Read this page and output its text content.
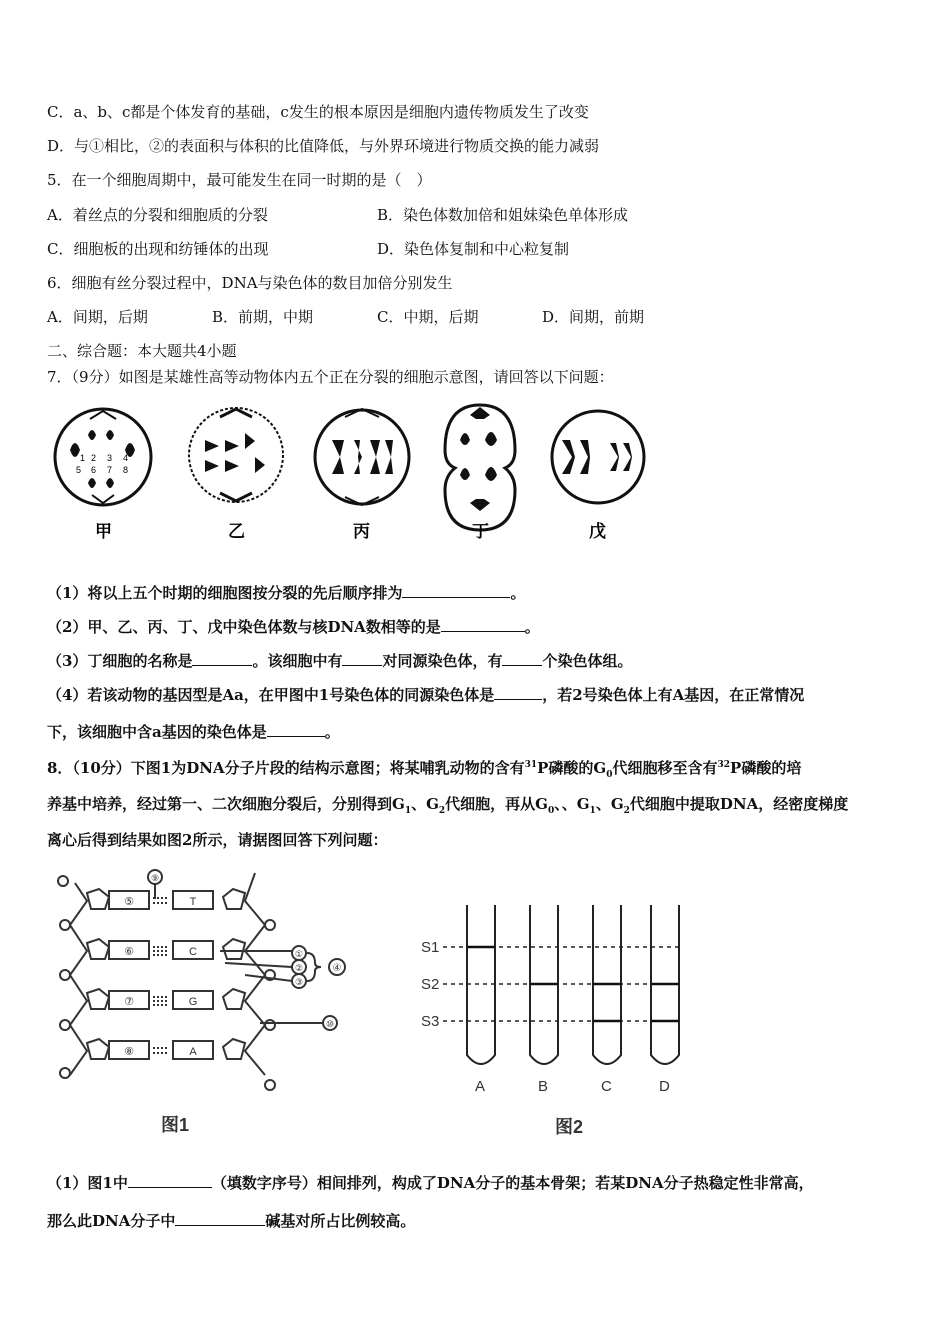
C．a、b、c都是个体发育的基础，c发生的根本原因是细胞内遗传物质发生了改变
D．与①相比，②的表面积与体积的比值降低，与外界环境进行物质交换的能力减弱
5．在一个细胞周期中，最可能发生在同一时期的是（　）
A．着丝点的分裂和细胞质的分裂	B．染色体数加倍和姐妹染色单体形成
C．细胞板的出现和纺锤体的出现	D．染色体复制和中心粒复制
6．细胞有丝分裂过程中，DNA与染色体的数目加倍分别发生
A．间期，后期	B．前期，中期	C．中期，后期	D．间期，前期
二、综合题：本大题共4小题
7．（9分）如图是某雄性高等动物体内五个正在分裂的细胞示意图，请回答以下问题：
5
2
6
3
7
4
8
1
甲	乙	丙	丁	戊
（1）将以上五个时期的细胞图按分裂的先后顺序排为	。
（2）甲、乙、丙、丁、戊中染色体数与核DNA数相等的是	。
（3）丁细胞的名称是	。该细胞中有	对同源染色体，有	个染色体组。
（4）若该动物的基因型是Aa，在甲图中1号染色体的同源染色体是	，若2号染色体上有A基因，在正常情况
下，该细胞中含a基因的染色体是	。
8．（10分）下图1为DNA分子片段的结构示意图；将某哺乳动物的含有$^{31}$P磷酸的$G_0$代细胞移至含有$^{32}$P磷酸的培
养基中培养，经过第一、二次细胞分裂后，分别得到$G_1$、$G_2$代细胞，再从$G_0$、、$G_1$、$G_2$代细胞中提取DNA，经密度梯度
离心后得到结果如图2所示，请据图回答下列问题：
⑤
⑥
⑦
⑧
T
C
G
A
⑨
①
②
③
④
⑩
图1
S1
S2
S3
A	B	C	D
图2
（1）图1中	（填数字序号）相间排列，构成了DNA分子的基本骨架；若某DNA分子热稳定性非常高，
那么此DNA分子中	碱基对所占比例较高。
